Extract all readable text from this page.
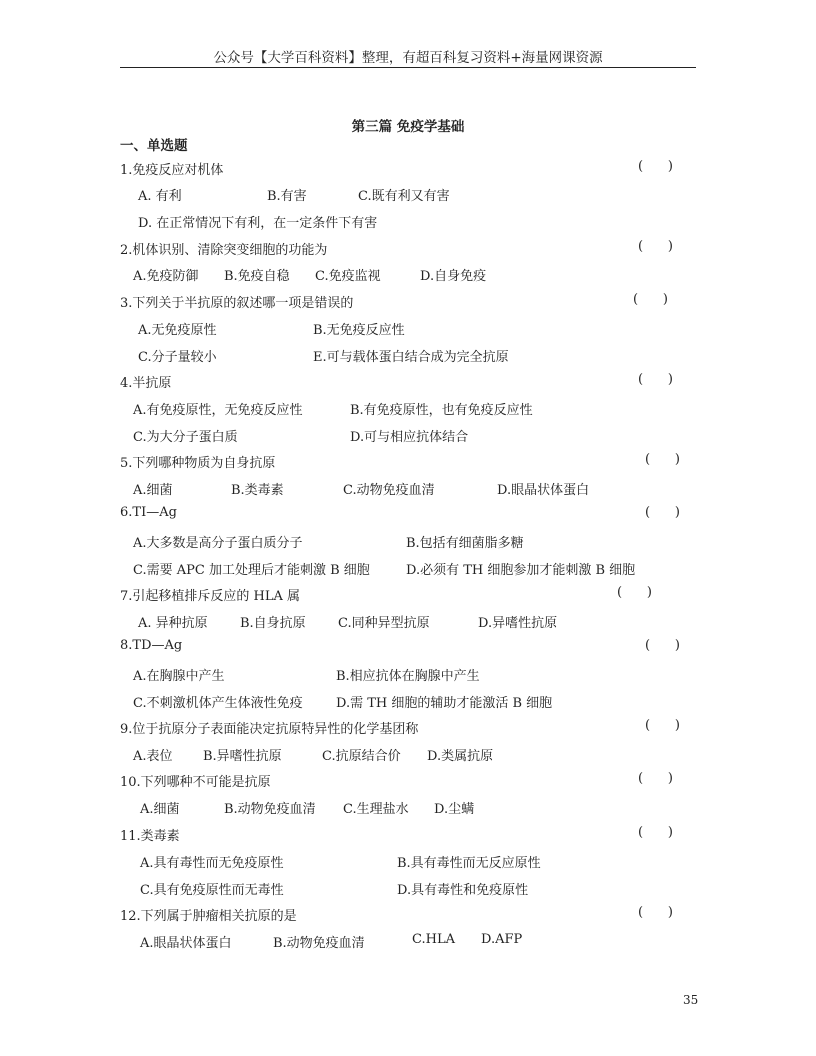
公众号【大学百科资料】整理，有超百科复习资料+海量网课资源
第三篇 免疫学基础
一、单选题
1.免疫反应对机体	(      )
A. 有利	B.有害	C.既有利又有害
D. 在正常情况下有利，在一定条件下有害
2.机体识别、清除突变细胞的功能为	(      )
A.免疫防御 B.免疫自稳 C.免疫监视	D.自身免疫
3.下列关于半抗原的叙述哪一项是错误的	(      )
A.无免疫原性	B.无免疫反应性
C.分子量较小	E.可与载体蛋白结合成为完全抗原
4.半抗原	(      )
A.有免疫原性，无免疫反应性	B.有免疫原性，也有免疫反应性
C.为大分子蛋白质	D.可与相应抗体结合
5.下列哪种物质为自身抗原	(      )
A.细菌	B.类毒素	C.动物免疫血清	D.眼晶状体蛋白
6.TI—Ag	(      )
A.大多数是高分子蛋白质分子	B.包括有细菌脂多糖
C.需要 APC 加工处理后才能刺激 B 细胞	D.必须有 TH 细胞参加才能刺激 B 细胞
7.引起移植排斥反应的 HLA 属	(      )
A. 异种抗原 B.自身抗原 C.同种异型抗原	D.异嗜性抗原
8.TD—Ag	(      )
A.在胸腺中产生	B.相应抗体在胸腺中产生
C.不刺激机体产生体液性免疫	D.需 TH 细胞的辅助才能激活 B 细胞
9.位于抗原分子表面能决定抗原特异性的化学基团称	(      )
A.表位 B.异嗜性抗原	C.抗原结合价 D.类属抗原
10.下列哪种不可能是抗原	(      )
A.细菌	B.动物免疫血清 C.生理盐水 D.尘螨
11.类毒素	(      )
A.具有毒性而无免疫原性	B.具有毒性而无反应原性
C.具有免疫原性而无毒性	D.具有毒性和免疫原性
12.下列属于肿瘤相关抗原的是	(      )
A.眼晶状体蛋白	B.动物免疫血清	C.HLA D.AFP
35
